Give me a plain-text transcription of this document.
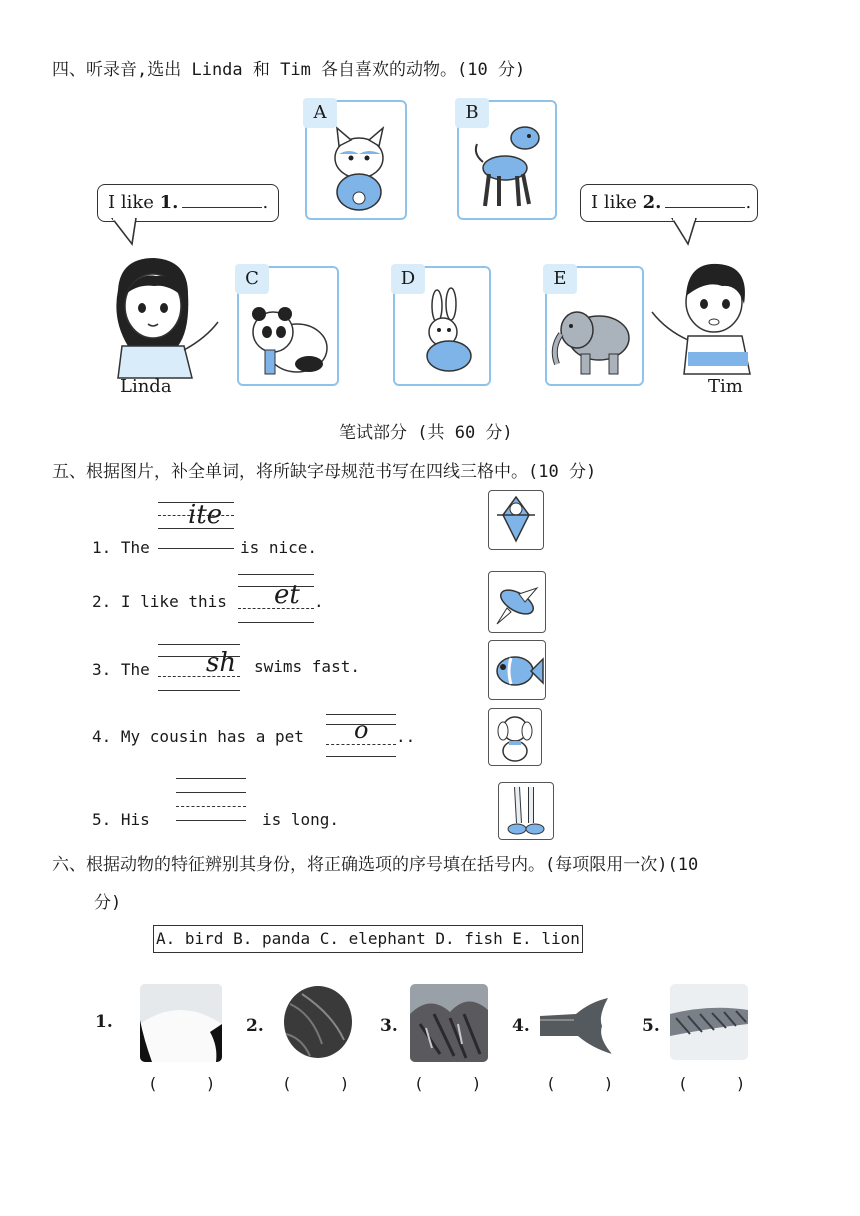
四、听录音,选出 Linda 和 Tim 各自喜欢的动物。(10 分)
I like 1.	.	I like 2.	.
A	B
Linda
C	D	E
Tim
笔试部分 (共 60 分)
五、根据图片，补全单词，将所缺字母规范书写在四线三格中。(10 分)
1. The
ite
is nice.
2. I like this et .
3. The sh swims fast.
4. My cousin has a pet o ..
5. His	is long.
六、根据动物的特征辨别其身份，将正确选项的序号填在括号内。(每项限用一次)(10
分)
A. bird B. panda C. elephant D. fish E. lion
1.
(     )
2.
(     )
3.
(     )
4.
(     )
5.
(     )
